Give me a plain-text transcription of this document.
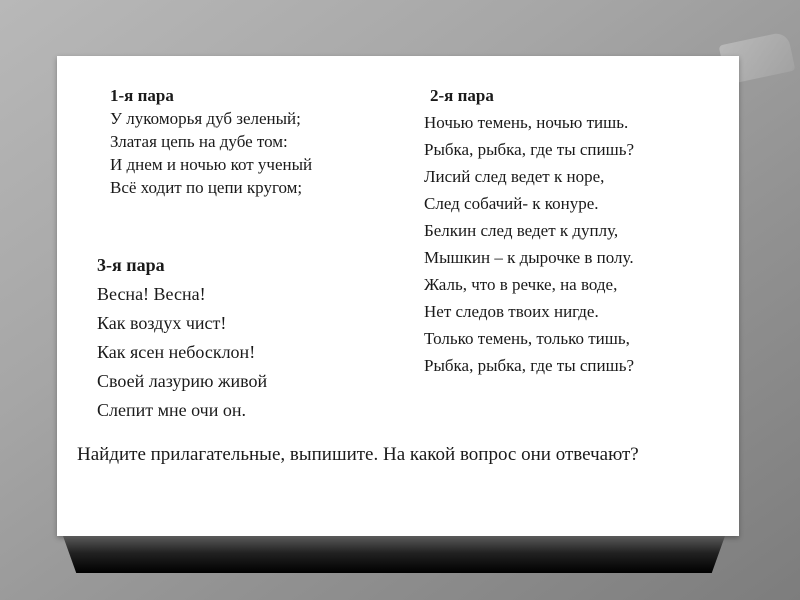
1-я пара
У лукоморья дуб зеленый;
Златая цепь на дубе том:
И днем и ночью кот ученый
Всё ходит по цепи кругом;
2-я пара
Ночью темень, ночью тишь.
Рыбка, рыбка, где ты спишь?
Лисий след ведет к норе,
След собачий- к конуре.
Белкин след ведет к дуплу,
Мышкин – к дырочке в полу.
Жаль, что в речке, на воде,
Нет следов твоих нигде.
Только темень, только тишь,
Рыбка, рыбка, где ты спишь?
3-я пара
Весна! Весна!
Как воздух чист!
Как ясен небосклон!
Своей лазурию живой
Слепит мне очи он.
Найдите прилагательные, выпишите. На какой вопрос они отвечают?
